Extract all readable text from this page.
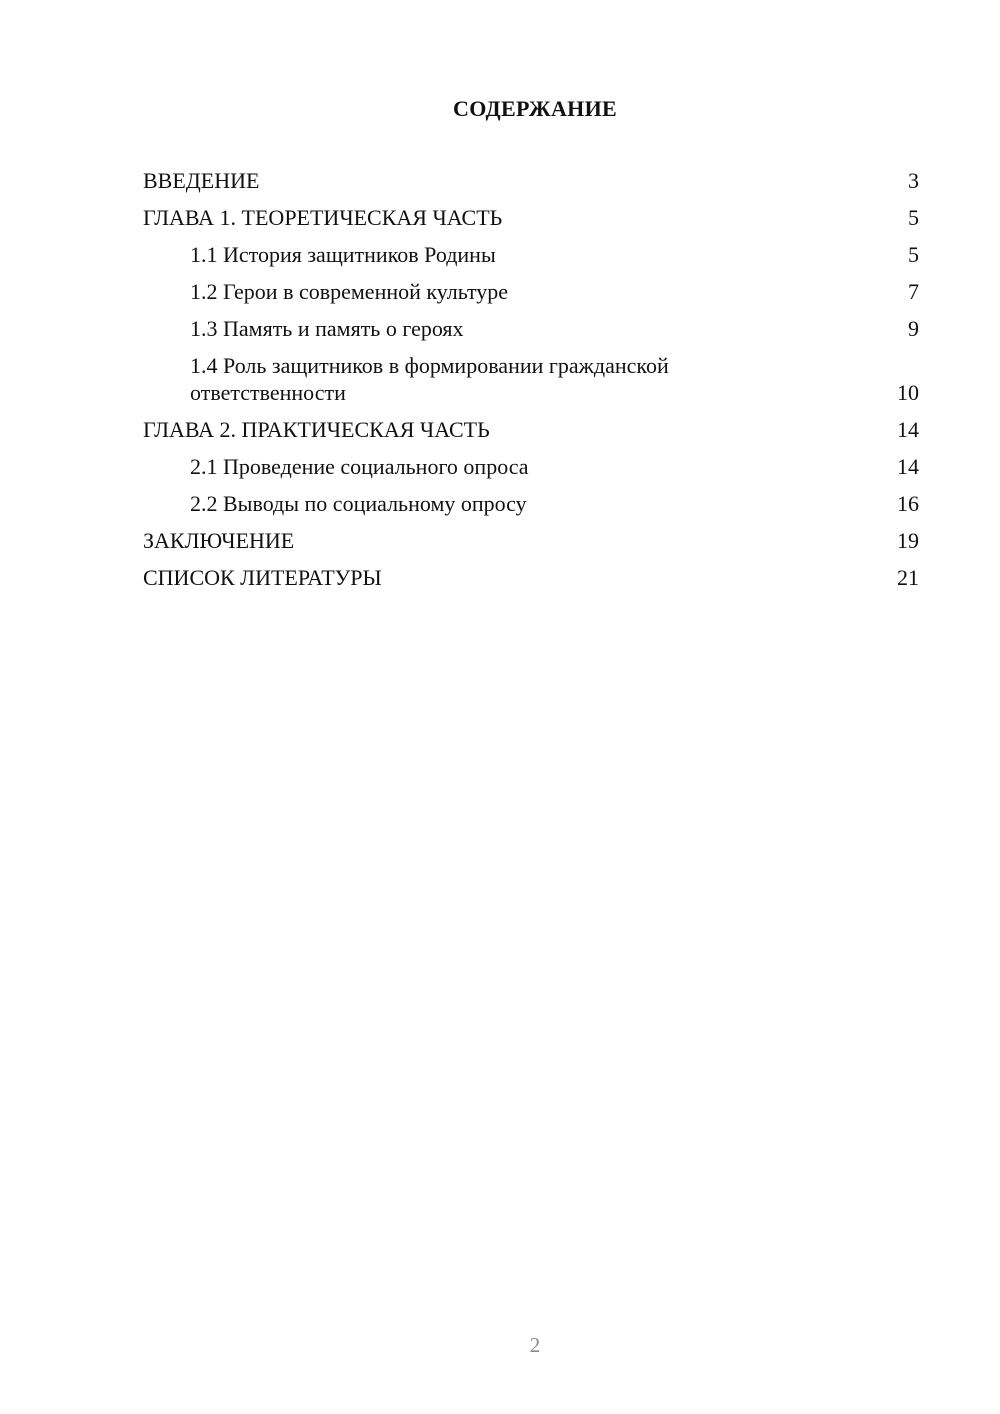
СОДЕРЖАНИЕ
ВВЕДЕНИЕ	3
ГЛАВА 1. ТЕОРЕТИЧЕСКАЯ ЧАСТЬ	5
1.1 История защитников Родины	5
1.2 Герои в современной культуре	7
1.3 Память и память о героях	9
1.4 Роль защитников в формировании гражданской ответственности	10
ГЛАВА 2. ПРАКТИЧЕСКАЯ ЧАСТЬ	14
2.1 Проведение социального опроса	14
2.2 Выводы по социальному опросу	16
ЗАКЛЮЧЕНИЕ	19
СПИСОК ЛИТЕРАТУРЫ	21
2
